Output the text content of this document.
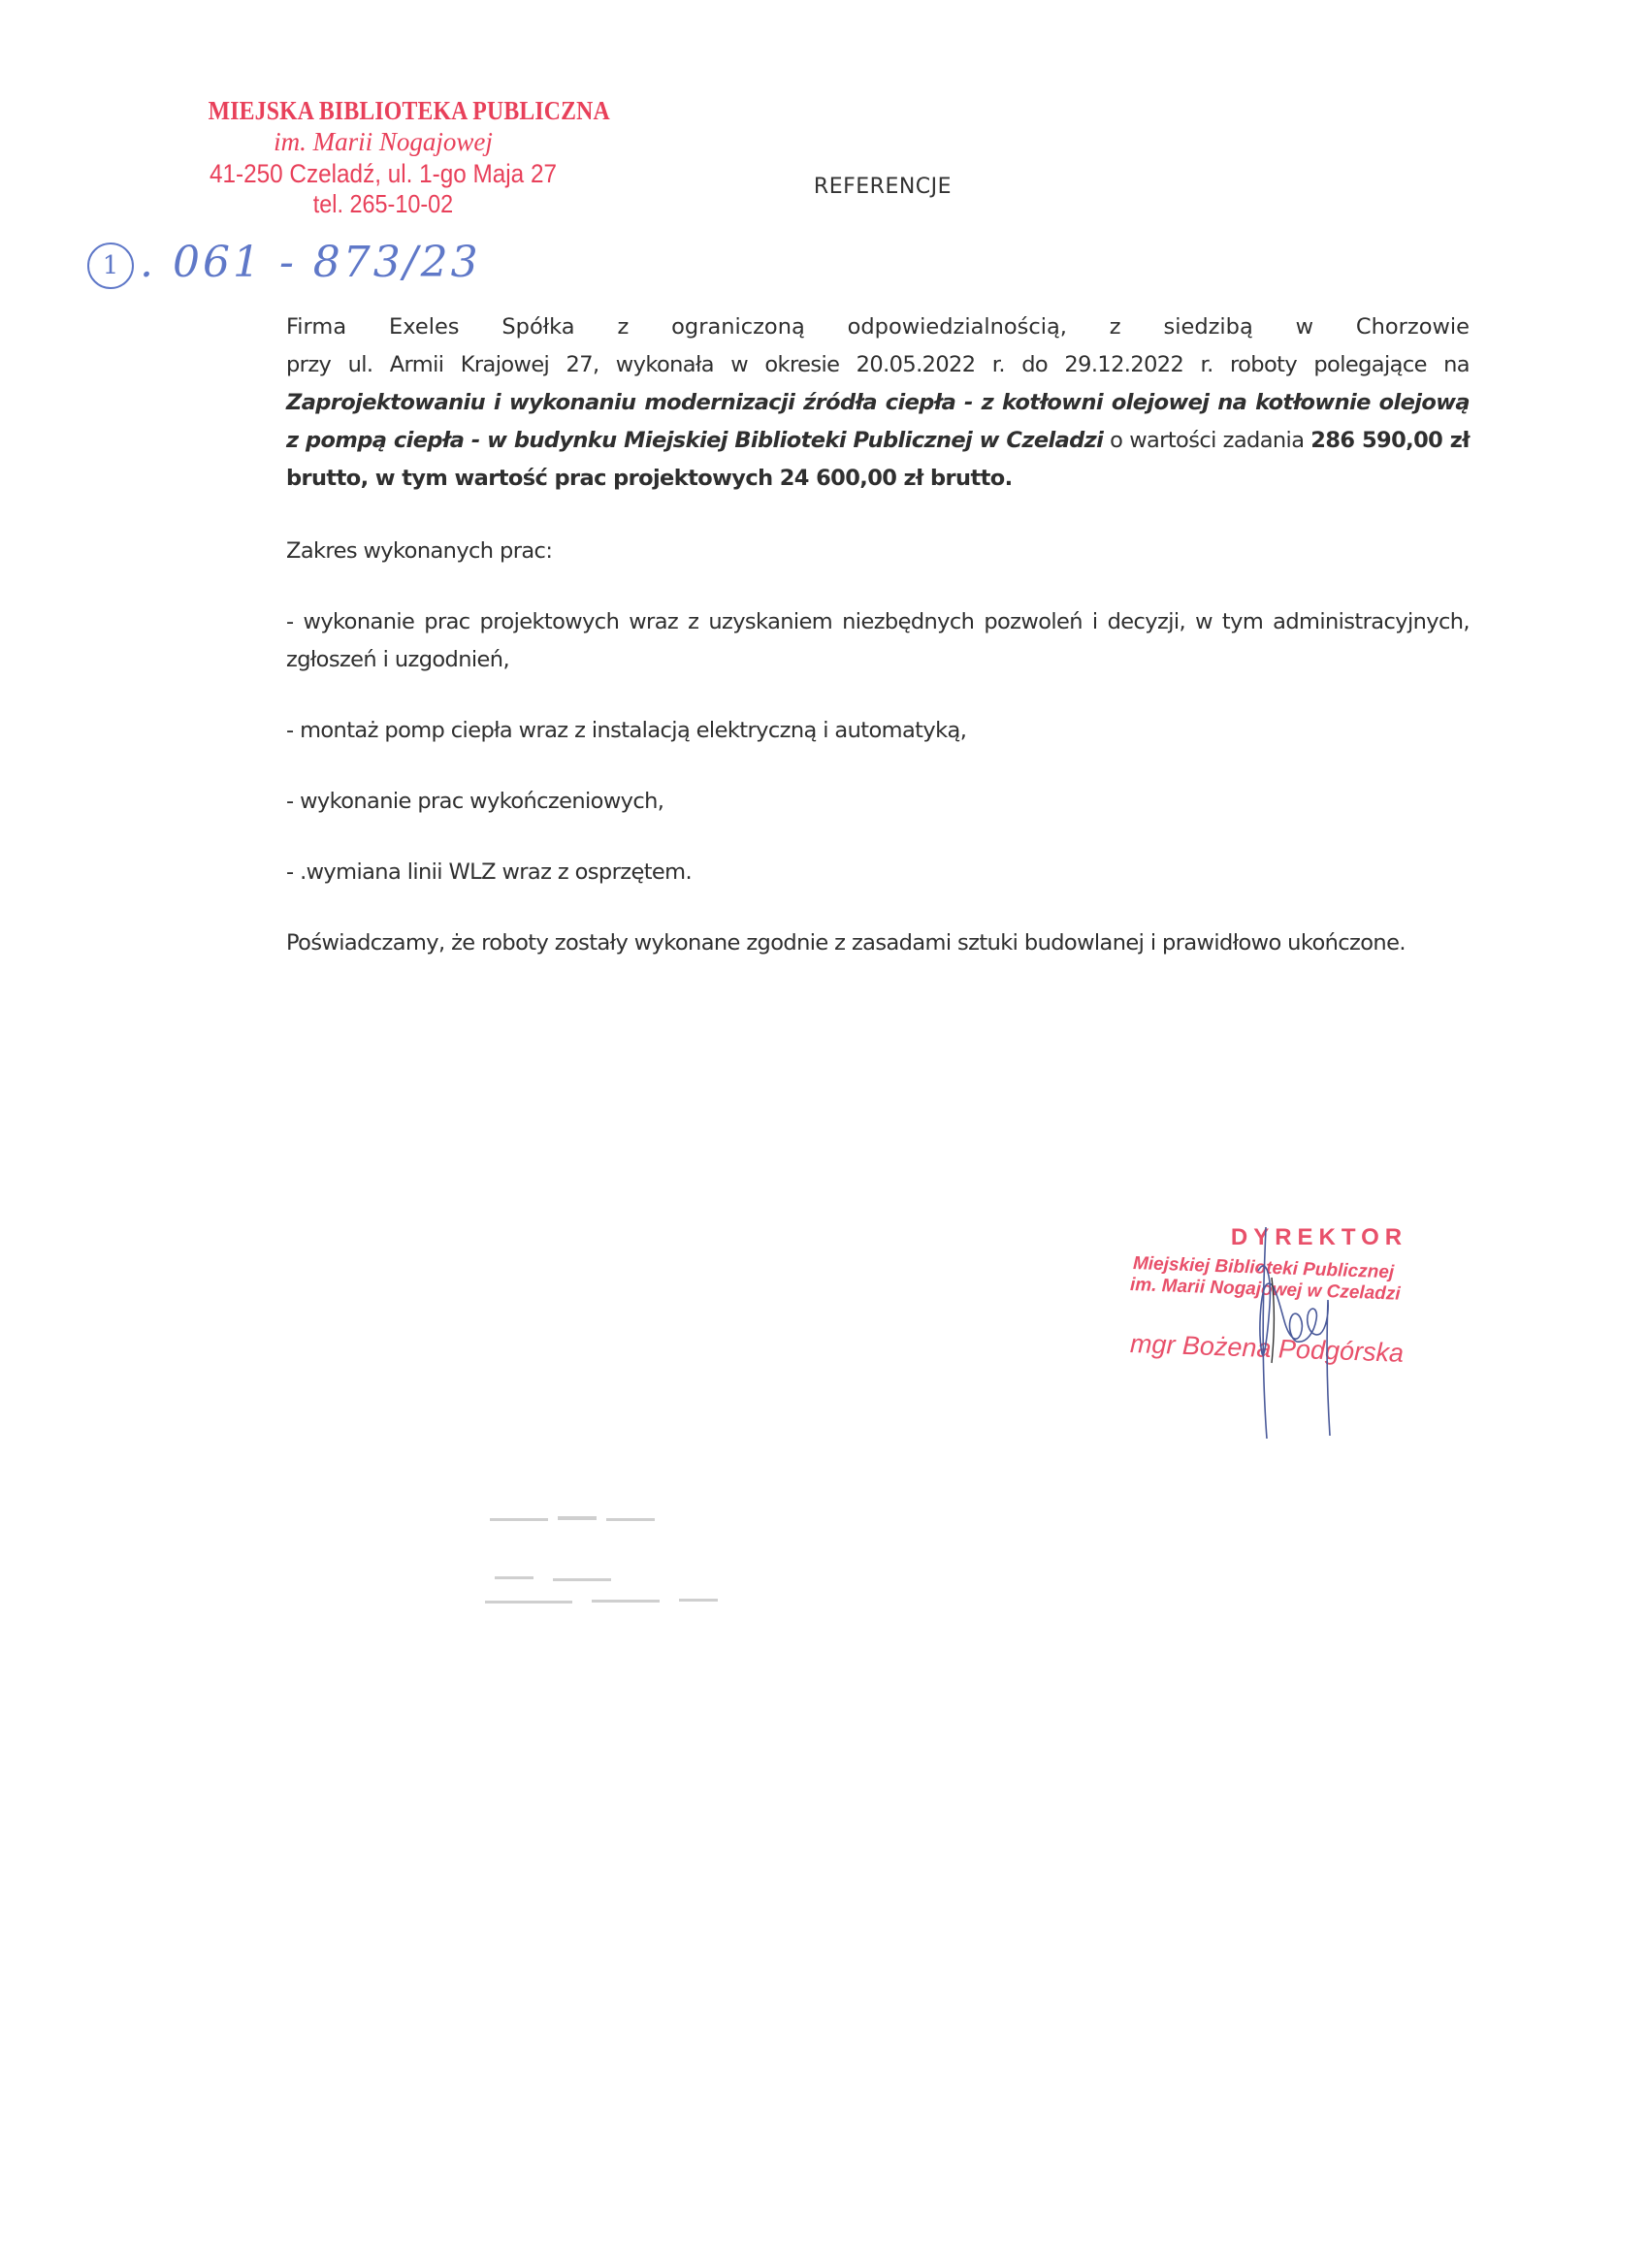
MIEJSKA BIBLIOTEKA PUBLICZNA
im. Marii Nogajowej
41-250 Czeladź, ul. 1-go Maja 27
tel. 265-10-02
1 . 061 - 873/23
REFERENCJE

Firma Exeles Spółka z ograniczoną odpowiedzialnością, z siedzibą w Chorzowie

przy ul. Armii Krajowej 27, wykonała w okresie 20.05.2022 r. do 29.12.2022 r. roboty polegające na Zaprojektowaniu i wykonaniu modernizacji źródła ciepła - z kotłowni olejowej na kotłownie olejową z pompą ciepła - w budynku Miejskiej Biblioteki Publicznej w Czeladzi o wartości zadania 286 590,00 zł brutto, w tym wartość prac projektowych 24 600,00 zł brutto.

Zakres wykonanych prac:

- wykonanie prac projektowych wraz z uzyskaniem niezbędnych pozwoleń i decyzji, w tym administracyjnych, zgłoszeń i uzgodnień,

- montaż pomp ciepła wraz z instalacją elektryczną i automatyką,

- wykonanie prac wykończeniowych,

- .wymiana linii WLZ wraz z osprzętem.

Poświadczamy, że roboty zostały wykonane zgodnie z zasadami sztuki budowlanej i prawidłowo ukończone.

DYREKTOR
Miejskiej Biblioteki Publicznej
im. Marii Nogajowej w Czeladzi
mgr Bożena Podgórska
